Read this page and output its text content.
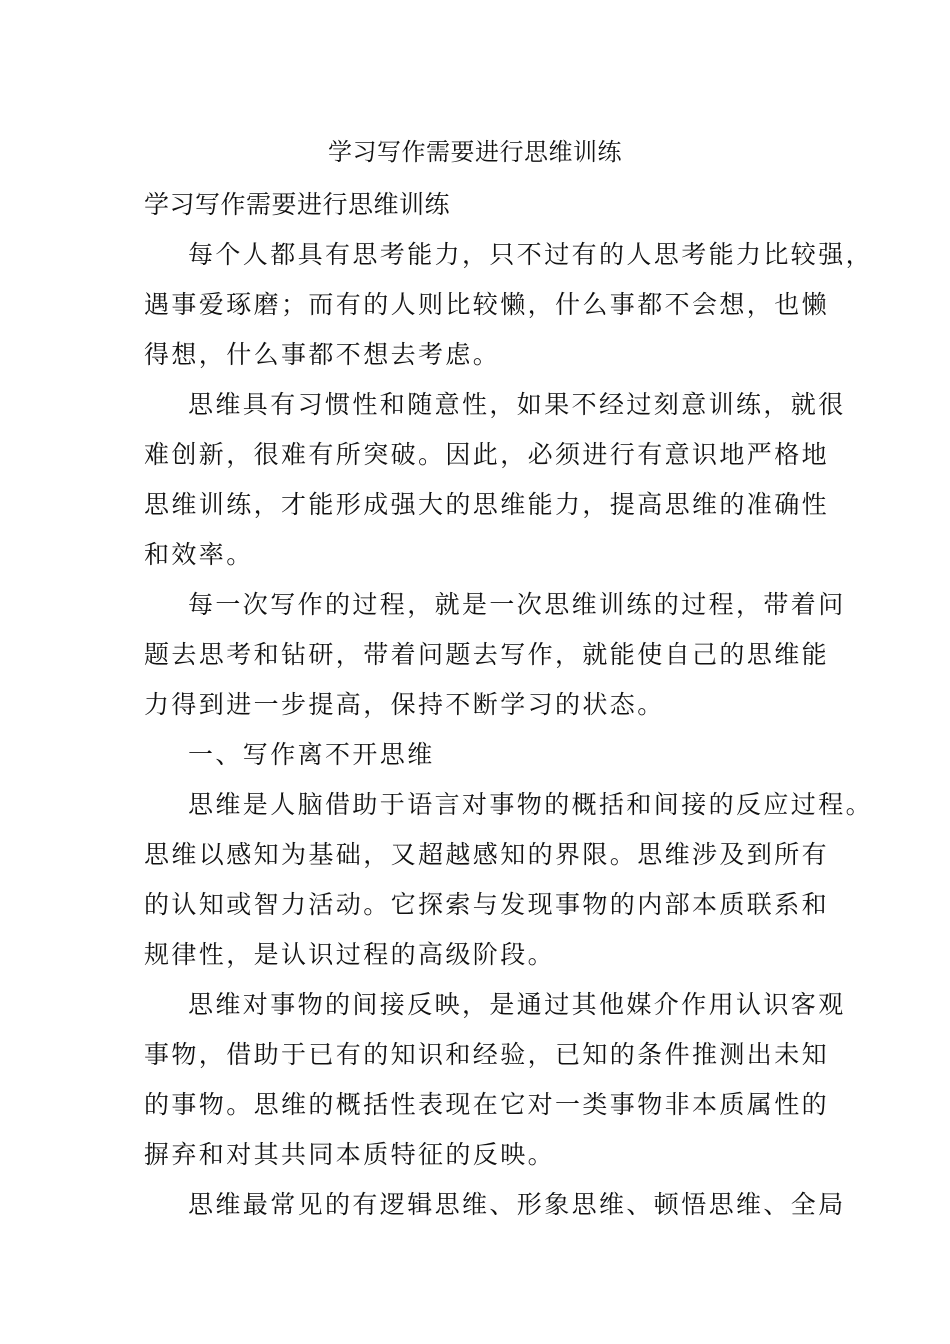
学习写作需要进行思维训练

学习写作需要进行思维训练

每个人都具有思考能力，只不过有的人思考能力比较强，
遇事爱琢磨；而有的人则比较懒，什么事都不会想，也懒
得想，什么事都不想去考虑。
思维具有习惯性和随意性，如果不经过刻意训练，就很
难创新，很难有所突破。因此，必须进行有意识地严格地
思维训练，才能形成强大的思维能力，提高思维的准确性
和效率。
每一次写作的过程，就是一次思维训练的过程，带着问
题去思考和钻研，带着问题去写作，就能使自己的思维能
力得到进一步提高，保持不断学习的状态。
一、写作离不开思维
思维是人脑借助于语言对事物的概括和间接的反应过程。
思维以感知为基础，又超越感知的界限。思维涉及到所有
的认知或智力活动。它探索与发现事物的内部本质联系和
规律性，是认识过程的高级阶段。
思维对事物的间接反映，是通过其他媒介作用认识客观
事物，借助于已有的知识和经验，已知的条件推测出未知
的事物。思维的概括性表现在它对一类事物非本质属性的
摒弃和对其共同本质特征的反映。
思维最常见的有逻辑思维、形象思维、顿悟思维、全局
